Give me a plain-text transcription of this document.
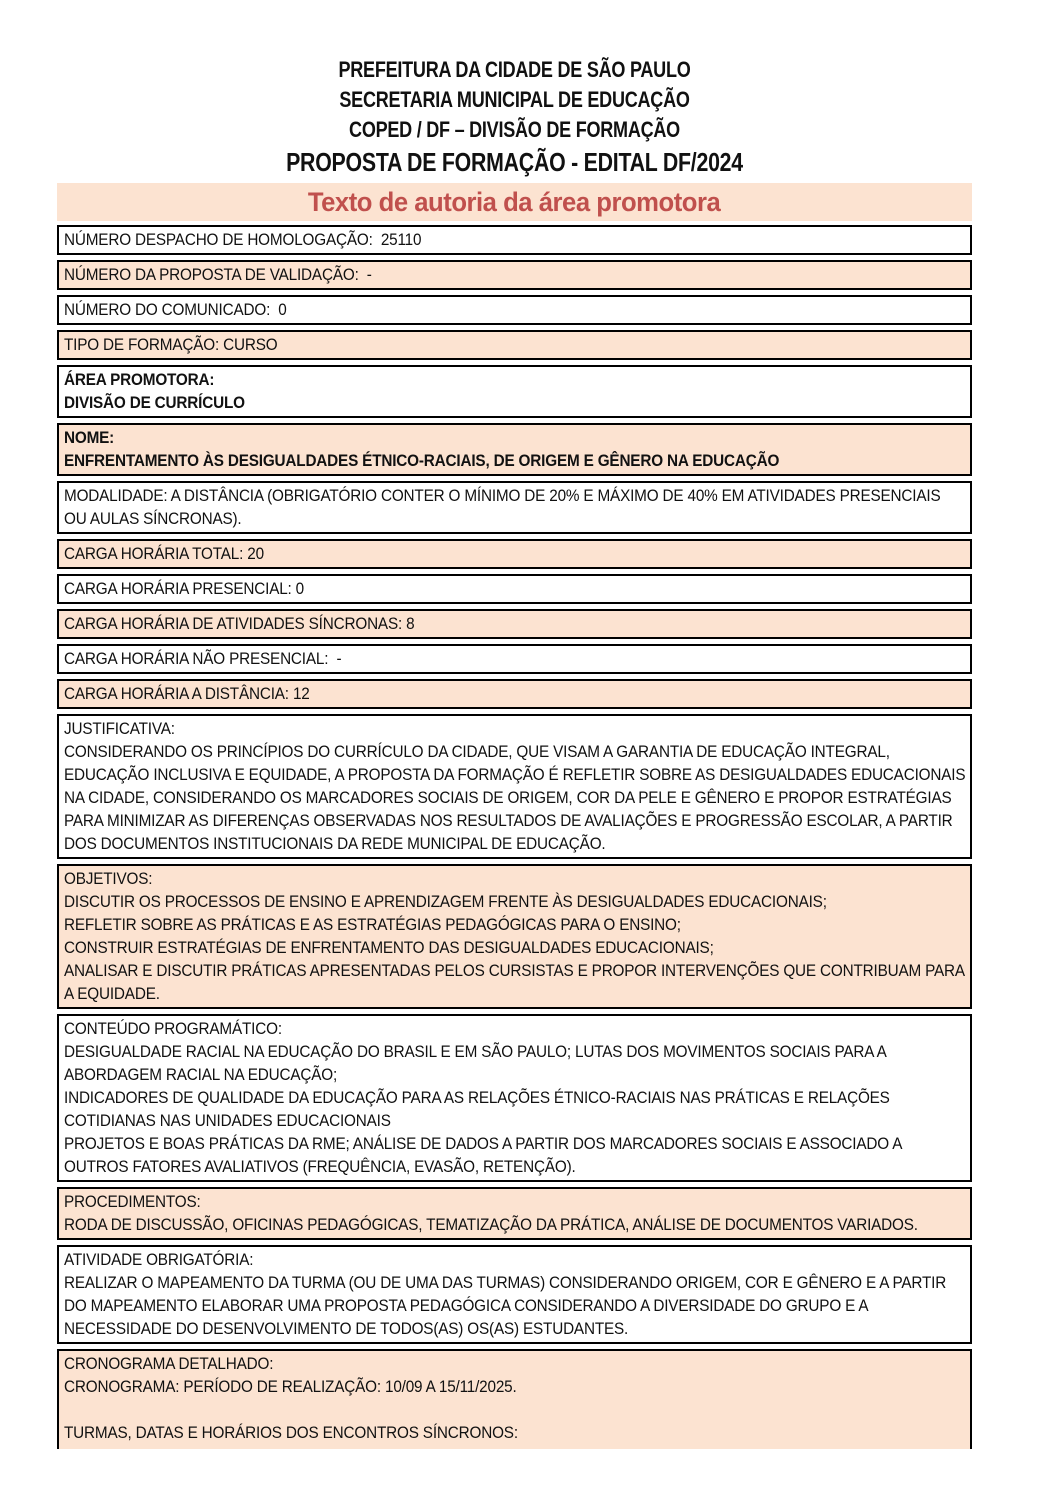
PREFEITURA DA CIDADE DE SÃO PAULO
SECRETARIA MUNICIPAL DE EDUCAÇÃO
COPED / DF – DIVISÃO DE FORMAÇÃO
PROPOSTA DE FORMAÇÃO - EDITAL DF/2024
Texto de autoria da área promotora
NÚMERO DESPACHO DE HOMOLOGAÇÃO:  25110
NÚMERO DA PROPOSTA DE VALIDAÇÃO:  -
NÚMERO DO COMUNICADO:  0
TIPO DE FORMAÇÃO: CURSO
ÁREA PROMOTORA:
DIVISÃO DE CURRÍCULO
NOME:
ENFRENTAMENTO ÀS DESIGUALDADES ÉTNICO-RACIAIS, DE ORIGEM E GÊNERO NA EDUCAÇÃO
MODALIDADE: A DISTÂNCIA (OBRIGATÓRIO CONTER O MÍNIMO DE 20% E MÁXIMO DE 40% EM ATIVIDADES PRESENCIAIS OU AULAS SÍNCRONAS).
CARGA HORÁRIA TOTAL: 20
CARGA HORÁRIA PRESENCIAL: 0
CARGA HORÁRIA DE ATIVIDADES SÍNCRONAS: 8
CARGA HORÁRIA NÃO PRESENCIAL:  -
CARGA HORÁRIA A DISTÂNCIA: 12
JUSTIFICATIVA:
CONSIDERANDO OS PRINCÍPIOS DO CURRÍCULO DA CIDADE, QUE VISAM A GARANTIA DE EDUCAÇÃO INTEGRAL, EDUCAÇÃO INCLUSIVA E EQUIDADE, A PROPOSTA DA FORMAÇÃO É REFLETIR SOBRE AS DESIGUALDADES EDUCACIONAIS NA CIDADE, CONSIDERANDO OS MARCADORES SOCIAIS DE ORIGEM, COR DA PELE E GÊNERO E PROPOR ESTRATÉGIAS PARA MINIMIZAR AS DIFERENÇAS OBSERVADAS NOS RESULTADOS DE AVALIAÇÕES E PROGRESSÃO ESCOLAR, A PARTIR DOS DOCUMENTOS INSTITUCIONAIS DA REDE MUNICIPAL DE EDUCAÇÃO.
OBJETIVOS:
DISCUTIR OS PROCESSOS DE ENSINO E APRENDIZAGEM FRENTE ÀS DESIGUALDADES EDUCACIONAIS;
REFLETIR SOBRE AS PRÁTICAS E AS ESTRATÉGIAS PEDAGÓGICAS PARA O ENSINO;
CONSTRUIR ESTRATÉGIAS DE ENFRENTAMENTO DAS DESIGUALDADES EDUCACIONAIS;
ANALISAR E DISCUTIR PRÁTICAS APRESENTADAS PELOS CURSISTAS E PROPOR INTERVENÇÕES QUE CONTRIBUAM PARA A EQUIDADE.
CONTEÚDO PROGRAMÁTICO:
DESIGUALDADE RACIAL NA EDUCAÇÃO DO BRASIL E EM SÃO PAULO; LUTAS DOS MOVIMENTOS SOCIAIS PARA A ABORDAGEM RACIAL NA EDUCAÇÃO;
INDICADORES DE QUALIDADE DA EDUCAÇÃO PARA AS RELAÇÕES ÉTNICO-RACIAIS NAS PRÁTICAS E RELAÇÕES COTIDIANAS NAS UNIDADES EDUCACIONAIS
PROJETOS E BOAS PRÁTICAS DA RME; ANÁLISE DE DADOS A PARTIR DOS MARCADORES SOCIAIS E ASSOCIADO A OUTROS FATORES AVALIATIVOS (FREQUÊNCIA, EVASÃO, RETENÇÃO).
PROCEDIMENTOS:
RODA DE DISCUSSÃO, OFICINAS PEDAGÓGICAS, TEMATIZAÇÃO DA PRÁTICA, ANÁLISE DE DOCUMENTOS VARIADOS.
ATIVIDADE OBRIGATÓRIA:
REALIZAR O MAPEAMENTO DA TURMA (OU DE UMA DAS TURMAS) CONSIDERANDO ORIGEM, COR E GÊNERO E A PARTIR DO MAPEAMENTO ELABORAR UMA PROPOSTA PEDAGÓGICA CONSIDERANDO A DIVERSIDADE DO GRUPO E A NECESSIDADE DO DESENVOLVIMENTO DE TODOS(AS) OS(AS) ESTUDANTES.
CRONOGRAMA DETALHADO:
CRONOGRAMA: PERÍODO DE REALIZAÇÃO: 10/09 A 15/11/2025.

TURMAS, DATAS E HORÁRIOS DOS ENCONTROS SÍNCRONOS:
